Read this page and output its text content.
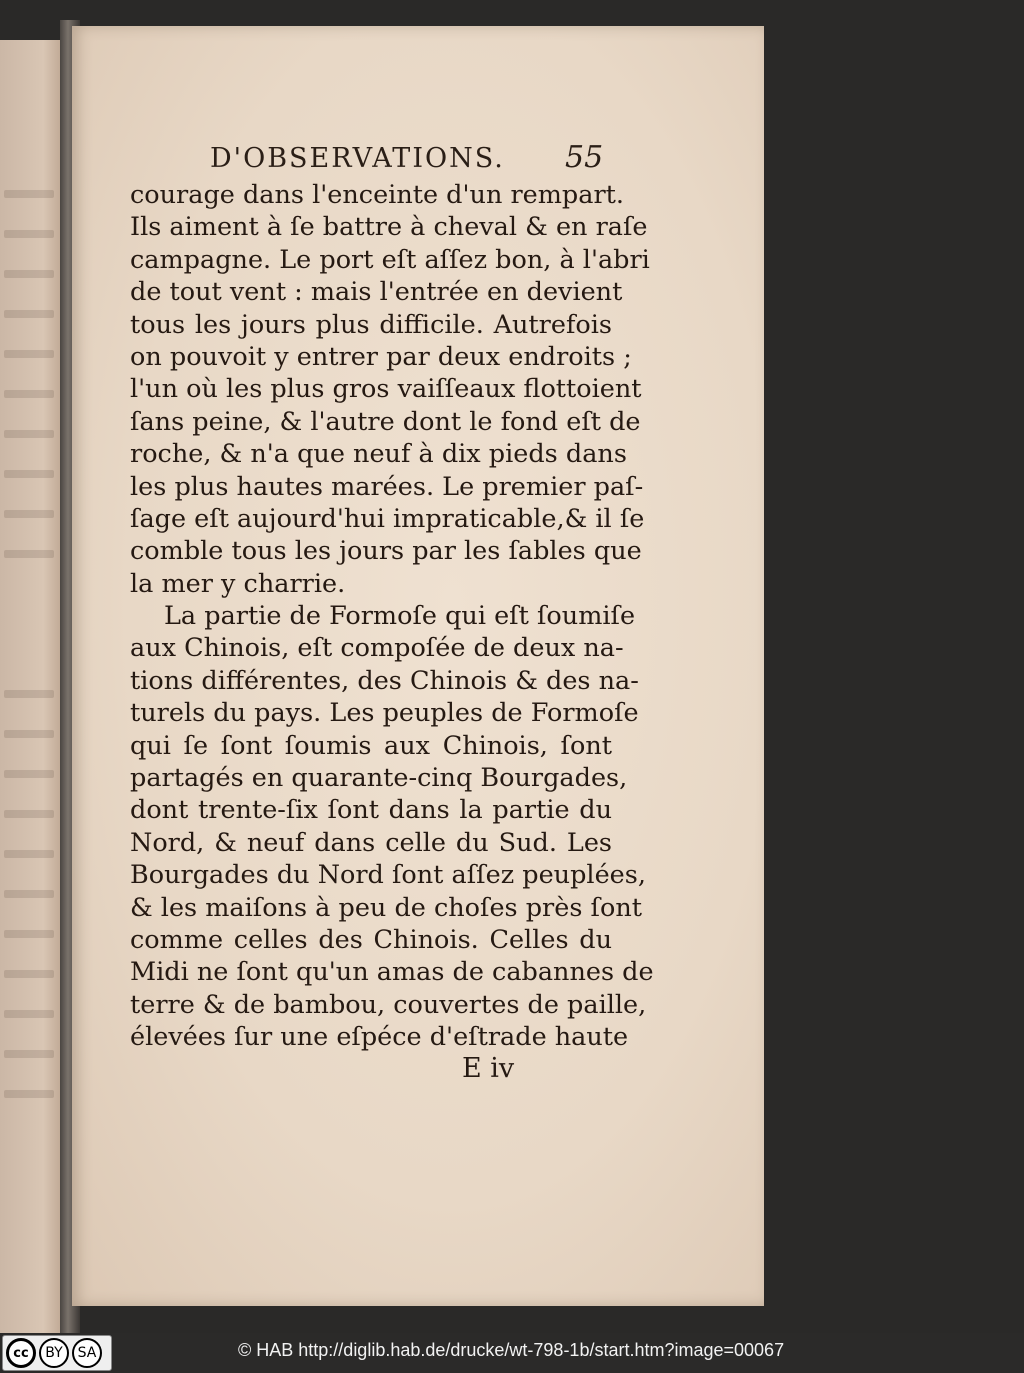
D'OBSERVATIONS. 55
courage dans l'enceinte d'un rempart.
Ils aiment à ſe battre à cheval & en raſe
campagne. Le port eſt aſſez bon, à l'abri
de tout vent : mais l'entrée en devient
tous les jours plus difficile. Autrefois
on pouvoit y entrer par deux endroits ;
l'un où les plus gros vaiſſeaux flottoient
ſans peine, & l'autre dont le fond eſt de
roche, & n'a que neuf à dix pieds dans
les plus hautes marées. Le premier paſ-
ſage eſt aujourd'hui impraticable,& il ſe
comble tous les jours par les ſables que
la mer y charrie.
La partie de Formoſe qui eſt ſoumiſe
aux Chinois, eſt compoſée de deux na-
tions différentes, des Chinois & des na-
turels du pays. Les peuples de Formoſe
qui ſe ſont ſoumis aux Chinois, ſont
partagés en quarante-cinq Bourgades,
dont trente-ſix ſont dans la partie du
Nord, & neuf dans celle du Sud. Les
Bourgades du Nord ſont aſſez peuplées,
& les maiſons à peu de choſes près ſont
comme celles des Chinois. Celles du
Midi ne ſont qu'un amas de cabannes de
terre & de bambou, couvertes de paille,
élevées ſur une eſpéce d'eſtrade haute
E iv
cc	BY	SA	© HAB http://diglib.hab.de/drucke/wt-798-1b/start.htm?image=00067
